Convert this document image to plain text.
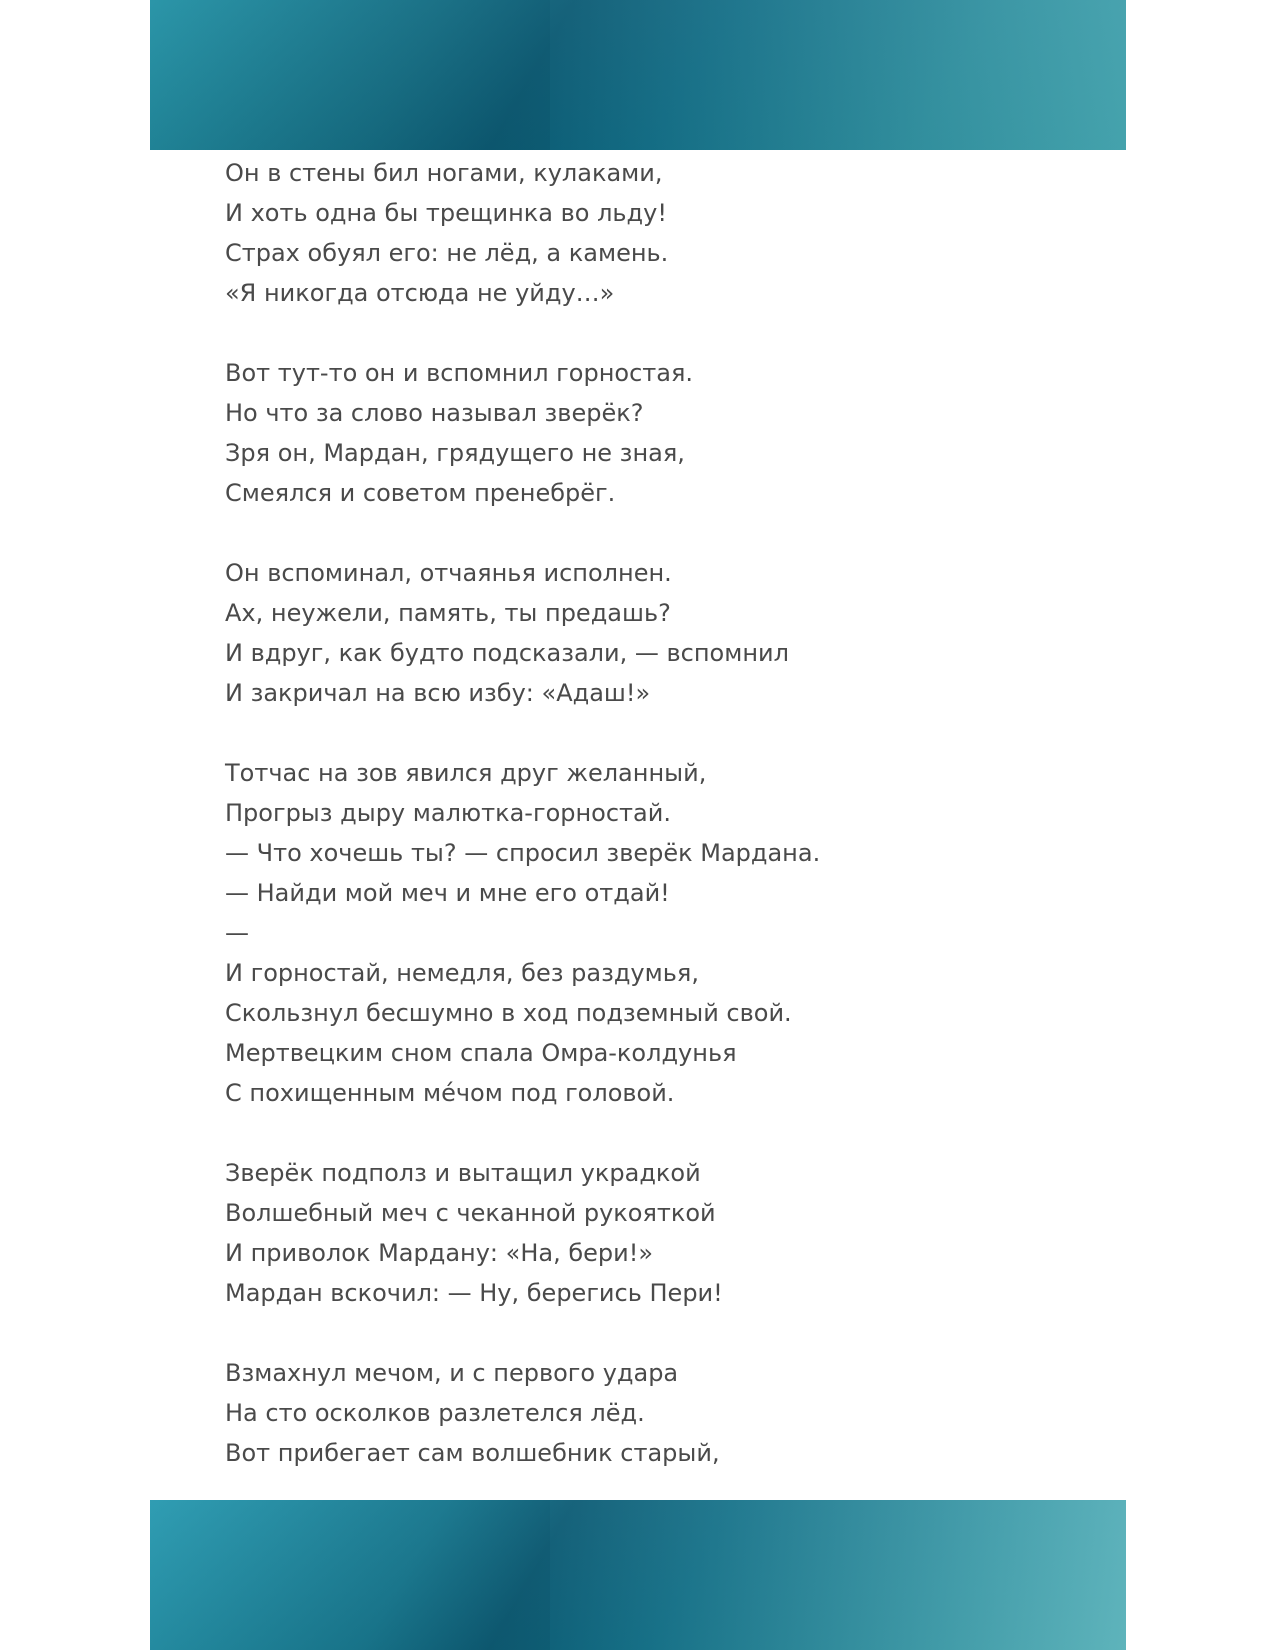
Он в стены бил ногами, кулаками,
И хоть одна бы трещинка во льду!
Страх обуял его: не лёд, а камень.
«Я никогда отсюда не уйду…»
Вот тут-то он и вспомнил горностая.
Но что за слово называл зверёк?
Зря он, Мардан, грядущего не зная,
Смеялся и советом пренебрёг.
Он вспоминал, отчаянья исполнен.
Ах, неужели, память, ты предашь?
И вдруг, как будто подсказали, — вспомнил
И закричал на всю избу: «Адаш!»
Тотчас на зов явился друг желанный,
Прогрыз дыру малютка-горностай.
— Что хочешь ты? — спросил зверёк Мардана.
— Найди мой меч и мне его отдай!
—
И горностай, немедля, без раздумья,
Скользнул бесшумно в ход подземный свой.
Мертвецким сном спала Омра-колдунья
С похищенным ме́чом под головой.
Зверёк подполз и вытащил украдкой
Волшебный меч с чеканной рукояткой
И приволок Мардану: «На, бери!»
Мардан вскочил: — Ну, берегись Пери!
Взмахнул мечом, и с первого удара
На сто осколков разлетелся лёд.
Вот прибегает сам волшебник старый,
